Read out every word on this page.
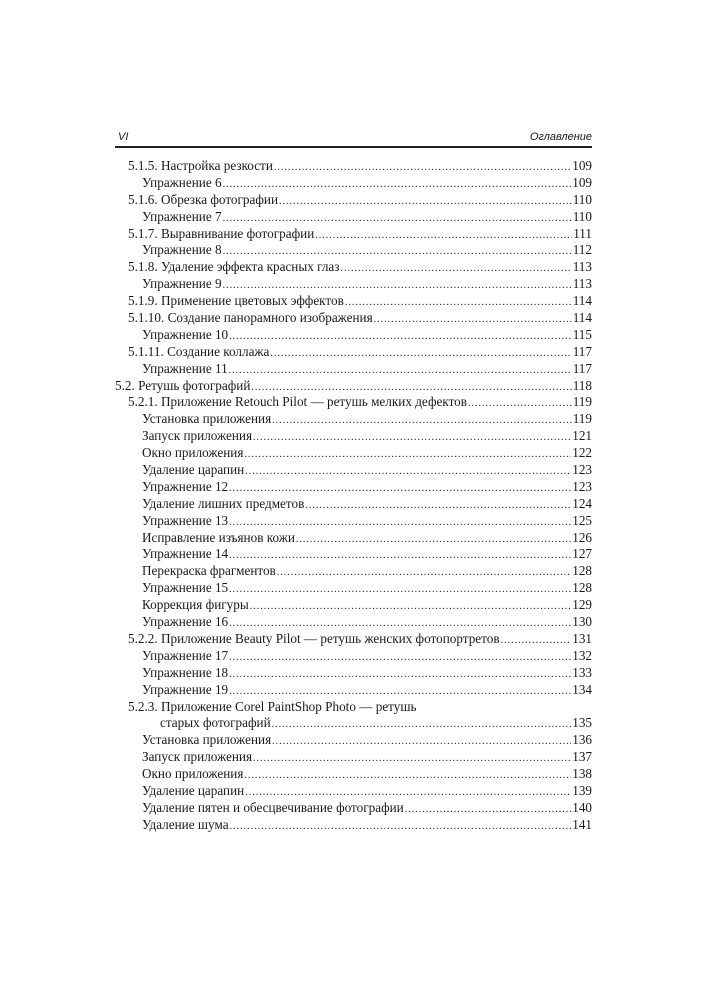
VI	Оглавление
5.1.5. Настройка резкости .....	109
Упражнение 6 .....	109
5.1.6. Обрезка фотографии .....	110
Упражнение 7 .....	110
5.1.7. Выравнивание фотографии .....	111
Упражнение 8 .....	112
5.1.8. Удаление эффекта красных глаз .....	113
Упражнение 9 .....	113
5.1.9. Применение цветовых эффектов .....	114
5.1.10. Создание панорамного изображения .....	114
Упражнение 10 .....	115
5.1.11. Создание коллажа .....	117
Упражнение 11 .....	117
5.2. Ретушь фотографий .....	118
5.2.1. Приложение Retouch Pilot — ретушь мелких дефектов .....	119
Установка приложения .....	119
Запуск приложения .....	121
Окно приложения .....	122
Удаление царапин .....	123
Упражнение 12 .....	123
Удаление лишних предметов .....	124
Упражнение 13 .....	125
Исправление изъянов кожи .....	126
Упражнение 14 .....	127
Перекраска фрагментов .....	128
Упражнение 15 .....	128
Коррекция фигуры .....	129
Упражнение 16 .....	130
5.2.2. Приложение Beauty Pilot — ретушь женских фотопортретов .....	131
Упражнение 17 .....	132
Упражнение 18 .....	133
Упражнение 19 .....	134
5.2.3. Приложение Corel PaintShop Photo — ретушь
старых фотографий .....	135
Установка приложения .....	136
Запуск приложения .....	137
Окно приложения .....	138
Удаление царапин .....	139
Удаление пятен и обесцвечивание фотографии .....	140
Удаление шума .....	141
